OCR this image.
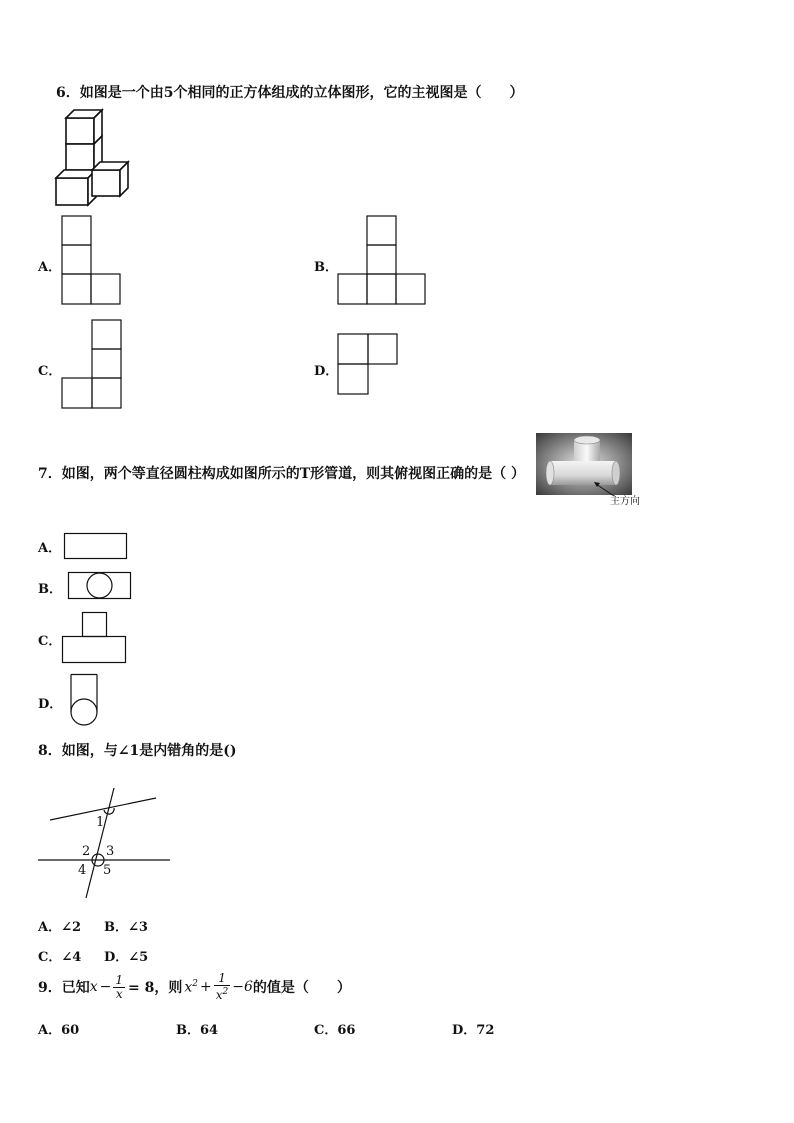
6．如图是一个由5个相同的正方体组成的立体图形，它的主视图是（　　）
A．	B．
C．	D．
7．如图，两个等直径圆柱构成如图所示的T形管道，则其俯视图正确的是（ ）
主方向
A．
B．
C．
D．
8．如图，与∠1是内错角的是()
1
2 3
4 5
A．∠2 B．∠3
C．∠4 D．∠5
9．已知 $x - \frac{1}{x} = 8$，则 $x^2 + \frac{1}{x^2} -6$ 的值是（　　）
A．60	B．64	C．66	D．72
